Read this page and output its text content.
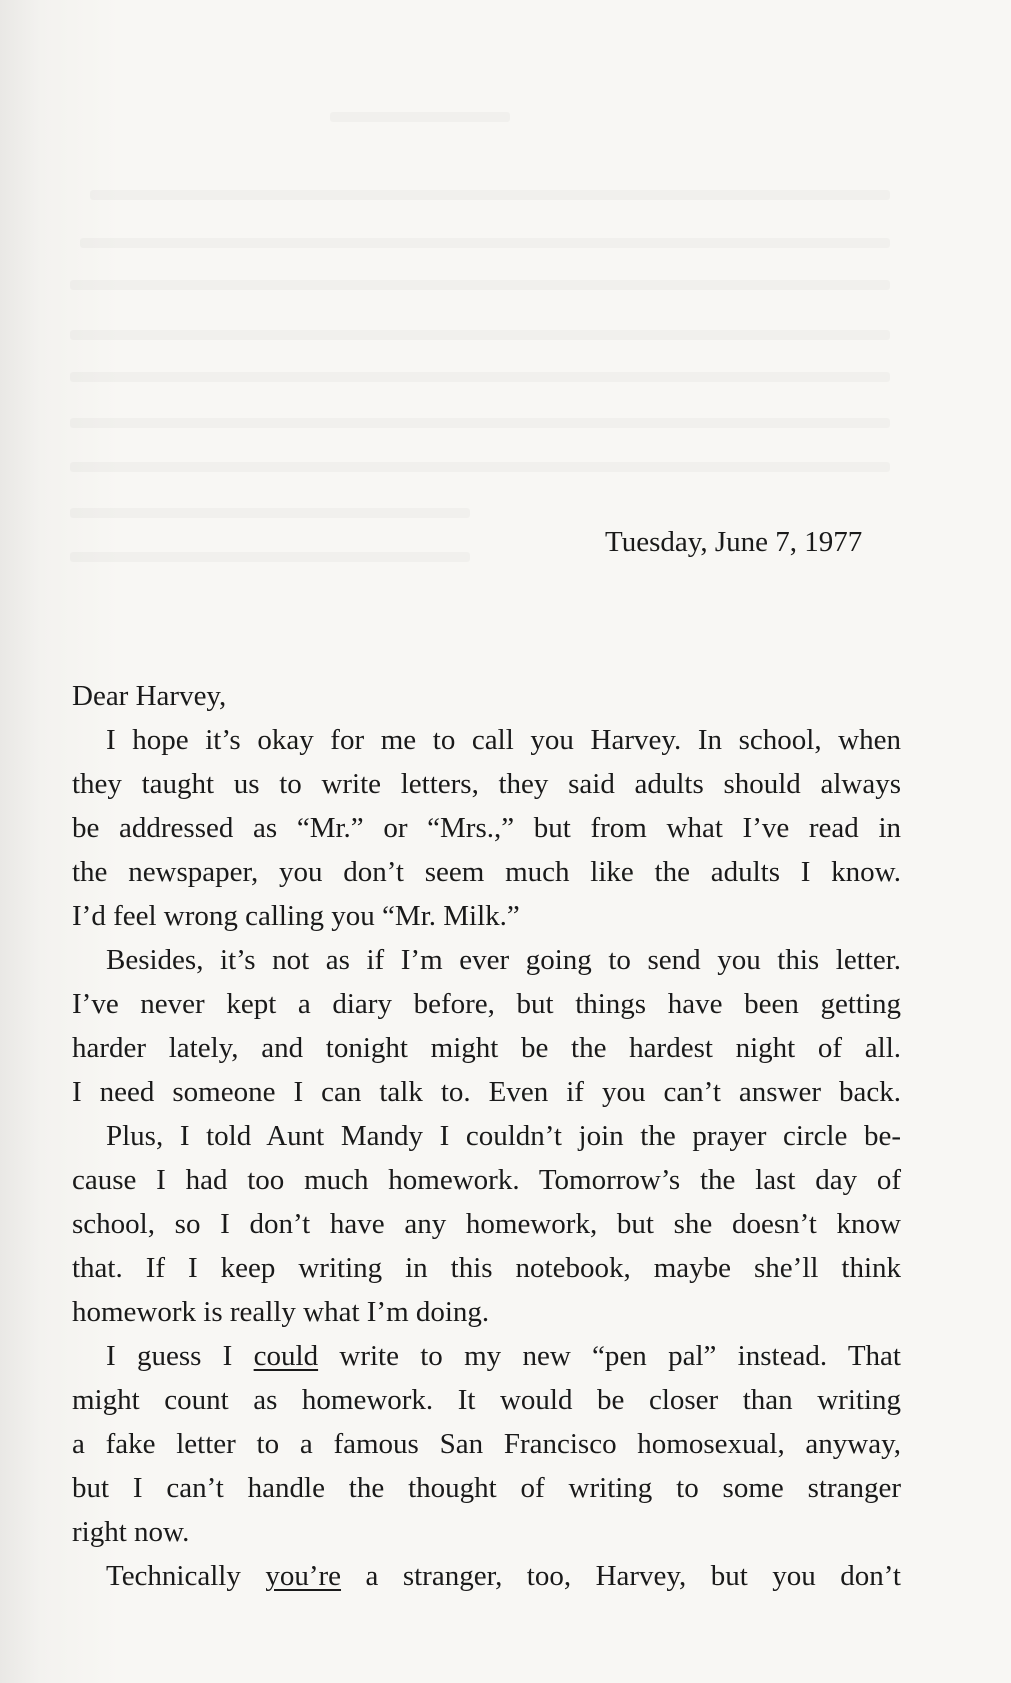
Tuesday, June 7, 1977
Dear Harvey,
I hope it’s okay for me to call you Harvey. In school, when
they taught us to write letters, they said adults should always
be addressed as “Mr.” or “Mrs.,” but from what I’ve read in
the newspaper, you don’t seem much like the adults I know.
I’d feel wrong calling you “Mr. Milk.”
Besides, it’s not as if I’m ever going to send you this letter.
I’ve never kept a diary before, but things have been getting
harder lately, and tonight might be the hardest night of all.
I need someone I can talk to. Even if you can’t answer back.
Plus, I told Aunt Mandy I couldn’t join the prayer circle be-
cause I had too much homework. Tomorrow’s the last day of
school, so I don’t have any homework, but she doesn’t know
that. If I keep writing in this notebook, maybe she’ll think
homework is really what I’m doing.
I guess I could write to my new “pen pal” instead. That
might count as homework. It would be closer than writing
a fake letter to a famous San Francisco homosexual, anyway,
but I can’t handle the thought of writing to some stranger
right now.
Technically you’re a stranger, too, Harvey, but you don’t
